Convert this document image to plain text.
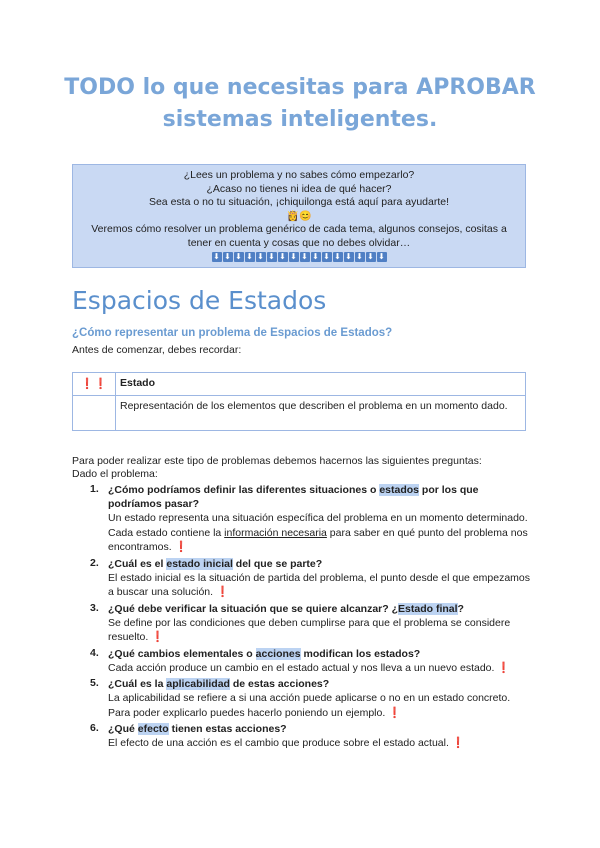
TODO lo que necesitas para APROBAR
sistemas inteligentes.
¿Lees un problema y no sabes cómo empezarlo?
¿Acaso no tienes ni idea de qué hacer?
Sea esta o no tu situación, ¡chiquilonga está aquí para ayudarte!
👸😊
Veremos cómo resolver un problema genérico de cada tema, algunos consejos, cositas a
tener en cuenta y cosas que no debes olvidar…
⬇ ⬇ ⬇ ⬇ ⬇ ⬇ ⬇ ⬇ ⬇ ⬇ ⬇ ⬇ ⬇ ⬇ ⬇ ⬇
Espacios de Estados
¿Cómo representar un problema de Espacios de Estados?
Antes de comenzar, debes recordar:
❗❗	Estado
	Representación de los elementos que describen el problema en un momento dado.
Para poder realizar este tipo de problemas debemos hacernos las siguientes preguntas:
Dado el problema:
1. ¿Cómo podríamos definir las diferentes situaciones o estados por los que podríamos pasar?
Un estado representa una situación específica del problema en un momento determinado. Cada estado contiene la información necesaria para saber en qué punto del problema nos encontramos. ❗
2. ¿Cuál es el estado inicial del que se parte?
El estado inicial es la situación de partida del problema, el punto desde el que empezamos a buscar una solución. ❗
3. ¿Qué debe verificar la situación que se quiere alcanzar? ¿Estado final?
Se define por las condiciones que deben cumplirse para que el problema se considere resuelto. ❗
4. ¿Qué cambios elementales o acciones modifican los estados?
Cada acción produce un cambio en el estado actual y nos lleva a un nuevo estado. ❗
5. ¿Cuál es la aplicabilidad de estas acciones?
La aplicabilidad se refiere a si una acción puede aplicarse o no en un estado concreto. Para poder explicarlo puedes hacerlo poniendo un ejemplo. ❗
6. ¿Qué efecto tienen estas acciones?
El efecto de una acción es el cambio que produce sobre el estado actual. ❗
